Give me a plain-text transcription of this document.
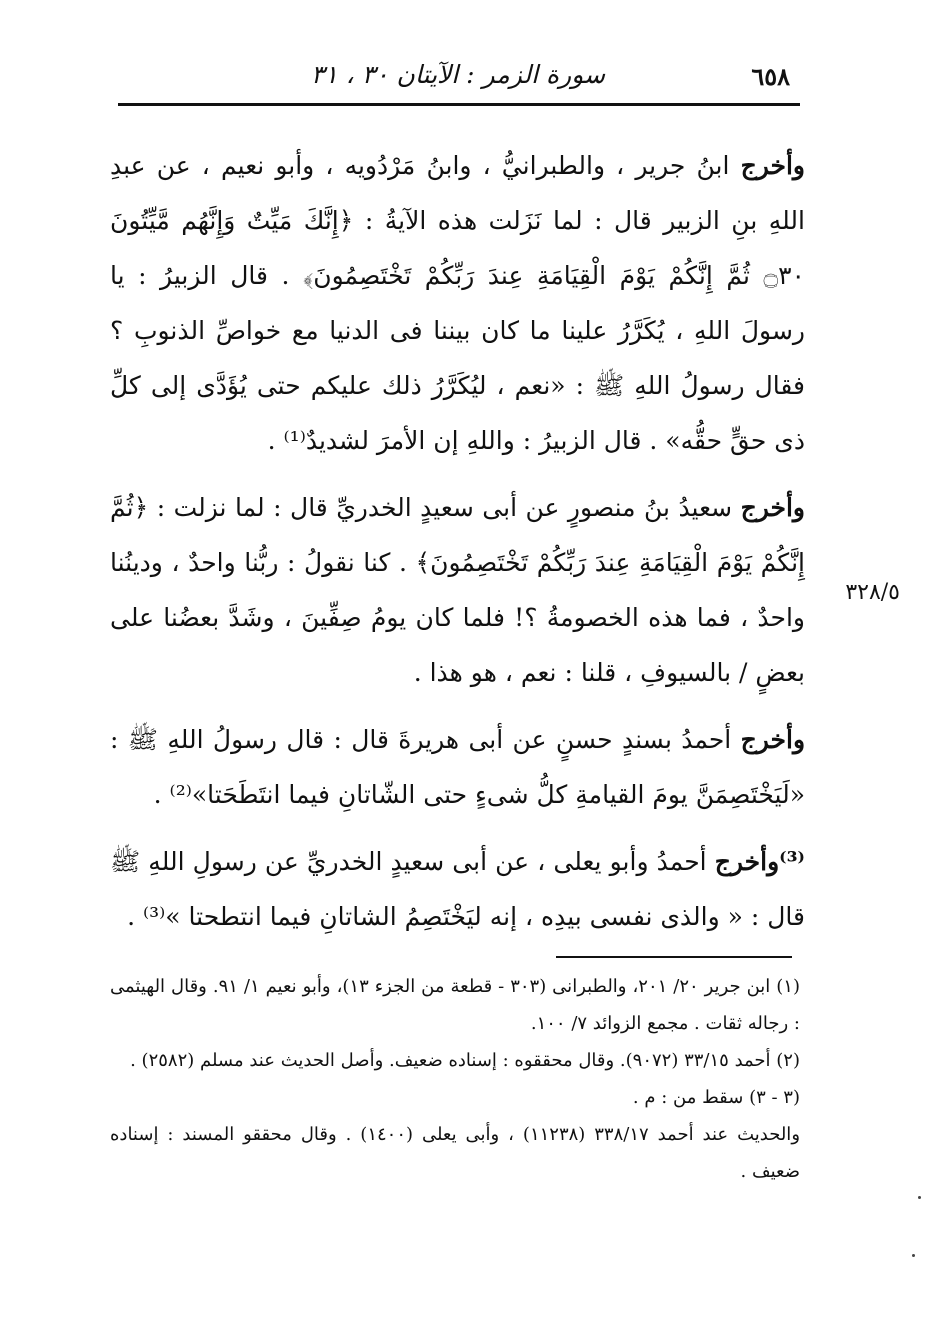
٦٥٨
سورة الزمر : الآيتان ٣٠ ، ٣١

وأخرج ابنُ جرير ، والطبرانيُّ ، وابنُ مَرْدُويه ، وأبو نعيم ، عن عبدِ اللهِ بنِ الزبير قال : لما نَزَلت هذه الآيةُ : ﴿إِنَّكَ مَيِّتٌ وَإِنَّهُم مَّيِّتُونَ ۝٣٠ ثُمَّ إِنَّكُمْ يَوْمَ الْقِيَامَةِ عِندَ رَبِّكُمْ تَخْتَصِمُونَ﴾ . قال الزبيرُ : يا رسولَ اللهِ ، يُكَرَّرُ علينا ما كان بيننا فى الدنيا مع خواصِّ الذنوبِ ؟ فقال رسولُ اللهِ ﷺ : «نعم ، ليُكَرَّرُ ذلك عليكم حتى يُؤَدَّى إلى كلِّ ذى حقٍّ حقُّه» . قال الزبيرُ : واللهِ إن الأمرَ لشديدٌ⁽¹⁾ .

وأخرج سعيدُ بنُ منصورٍ عن أبى سعيدٍ الخدريِّ قال : لما نزلت : ﴿ثُمَّ إِنَّكُمْ يَوْمَ الْقِيَامَةِ عِندَ رَبِّكُمْ تَخْتَصِمُونَ﴾ . كنا نقولُ : ربُّنا واحدٌ ، ودينُنا واحدٌ ، فما هذه الخصومةُ ؟! فلما كان يومُ صِفِّينَ ، وشَدَّ بعضُنا على بعضٍ / بالسيوفِ ، قلنا : نعم ، هو هذا .

وأخرج أحمدُ بسندٍ حسنٍ عن أبى هريرةَ قال : قال رسولُ اللهِ ﷺ : «لَيَخْتَصِمَنَّ يومَ القيامةِ كلُّ شىءٍ حتى الشّاتانِ فيما انتَطَحَتا»⁽²⁾ .

⁽³⁾وأخرج أحمدُ وأبو يعلى ، عن أبى سعيدٍ الخدريِّ عن رسولِ اللهِ ﷺ قال : « والذى نفسى بيدِه ، إنه ليَخْتَصِمُ الشاتانِ فيما انتطحتا »⁽³⁾ .

٣٢٨/٥

(١) ابن جرير ٢٠/ ٢٠١، والطبرانى (٣٠٣ - قطعة من الجزء ١٣)، وأبو نعيم ١/ ٩١. وقال الهيثمى : رجاله ثقات . مجمع الزوائد ٧/ ١٠٠.

(٢) أحمد ٣٣/١٥ (٩٠٧٢). وقال محققوه : إسناده ضعيف. وأصل الحديث عند مسلم (٢٥٨٢) .

(٣ - ٣) سقط من : م .

والحديث عند أحمد ٣٣٨/١٧ (١١٢٣٨) ، وأبى يعلى (١٤٠٠) . وقال محققو المسند : إسناده ضعيف .
